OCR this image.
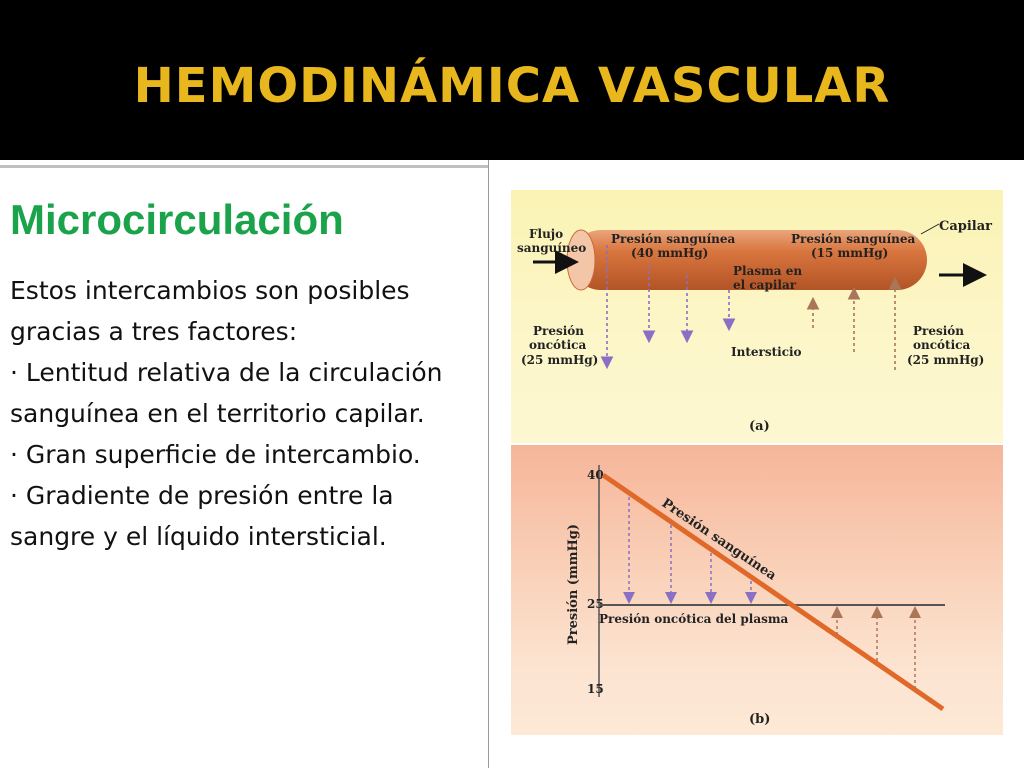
HEMODINÁMICA VASCULAR
Microcirculación
Estos intercambios son posibles
gracias a tres factores:
· Lentitud relativa de la circulación
sanguínea en el territorio capilar.
· Gran superficie de intercambio.
· Gradiente de presión entre la
sangre y el líquido intersticial.
Flujo
sanguíneo
Presión sanguínea
(40 mmHg)
Presión sanguínea
(15 mmHg)
Capilar
Plasma en
el capilar
Presión
oncótica
(25 mmHg)
Intersticio
Presión
oncótica
(25 mmHg)
(a)
Presión (mmHg)
40
25
15
Presión oncótica del plasma
Presión sanguínea
(b)
